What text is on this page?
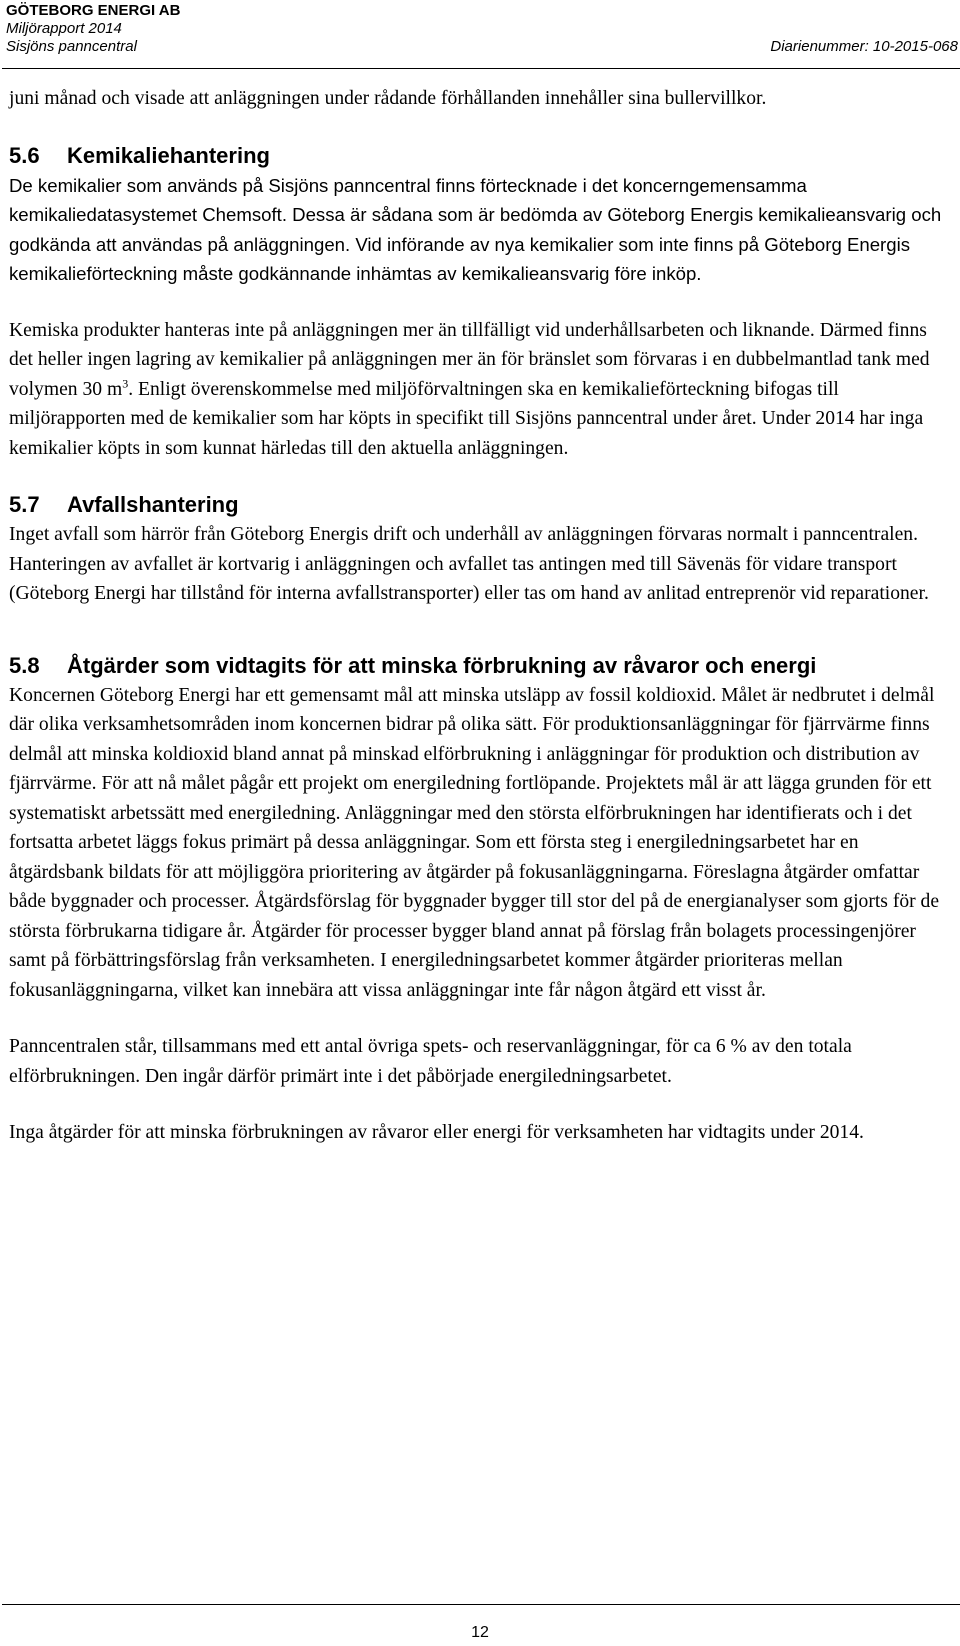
GÖTEBORG ENERGI AB
Miljörapport 2014
Sisjöns panncentral	Diarienummer: 10-2015-068

juni månad och visade att anläggningen under rådande förhållanden innehåller sina bullervillkor.

5.6	Kemikaliehantering

De kemikalier som används på Sisjöns panncentral finns förtecknade i det koncerngemensamma kemikaliedatasystemet Chemsoft. Dessa är sådana som är bedömda av Göteborg Energis kemikalieansvarig och godkända att användas på anläggningen. Vid införande av nya kemikalier som inte finns på Göteborg Energis kemikalieförteckning måste godkännande inhämtas av kemikalieansvarig före inköp.

Kemiska produkter hanteras inte på anläggningen mer än tillfälligt vid underhållsarbeten och liknande. Därmed finns det heller ingen lagring av kemikalier på anläggningen mer än för bränslet som förvaras i en dubbelmantlad tank med volymen 30 $m^3$. Enligt överenskommelse med miljöförvaltningen ska en kemikalieförteckning bifogas till miljörapporten med de kemikalier som har köpts in specifikt till Sisjöns panncentral under året. Under 2014 har inga kemikalier köpts in som kunnat härledas till den aktuella anläggningen.

5.7	Avfallshantering

Inget avfall som härrör från Göteborg Energis drift och underhåll av anläggningen förvaras normalt i panncentralen. Hanteringen av avfallet är kortvarig i anläggningen och avfallet tas antingen med till Sävenäs för vidare transport (Göteborg Energi har tillstånd för interna avfallstransporter) eller tas om hand av anlitad entreprenör vid reparationer.

5.8	Åtgärder som vidtagits för att minska förbrukning av råvaror och energi

Koncernen Göteborg Energi har ett gemensamt mål att minska utsläpp av fossil koldioxid. Målet är nedbrutet i delmål där olika verksamhetsområden inom koncernen bidrar på olika sätt. För produktionsanläggningar för fjärrvärme finns delmål att minska koldioxid bland annat på minskad elförbrukning i anläggningar för produktion och distribution av fjärrvärme. För att nå målet pågår ett projekt om energiledning fortlöpande. Projektets mål är att lägga grunden för ett systematiskt arbetssätt med energiledning. Anläggningar med den största elförbrukningen har identifierats och i det fortsatta arbetet läggs fokus primärt på dessa anläggningar. Som ett första steg i energiledningsarbetet har en åtgärdsbank bildats för att möjliggöra prioritering av åtgärder på fokusanläggningarna. Föreslagna åtgärder omfattar både byggnader och processer. Åtgärdsförslag för byggnader bygger till stor del på de energianalyser som gjorts för de största förbrukarna tidigare år. Åtgärder för processer bygger bland annat på förslag från bolagets processingenjörer samt på förbättringsförslag från verksamheten. I energiledningsarbetet kommer åtgärder prioriteras mellan fokusanläggningarna, vilket kan innebära att vissa anläggningar inte får någon åtgärd ett visst år.

Panncentralen står, tillsammans med ett antal övriga spets- och reservanläggningar, för ca 6 % av den totala elförbrukningen. Den ingår därför primärt inte i det påbörjade energiledningsarbetet.

Inga åtgärder för att minska förbrukningen av råvaror eller energi för verksamheten har vidtagits under 2014.

12
